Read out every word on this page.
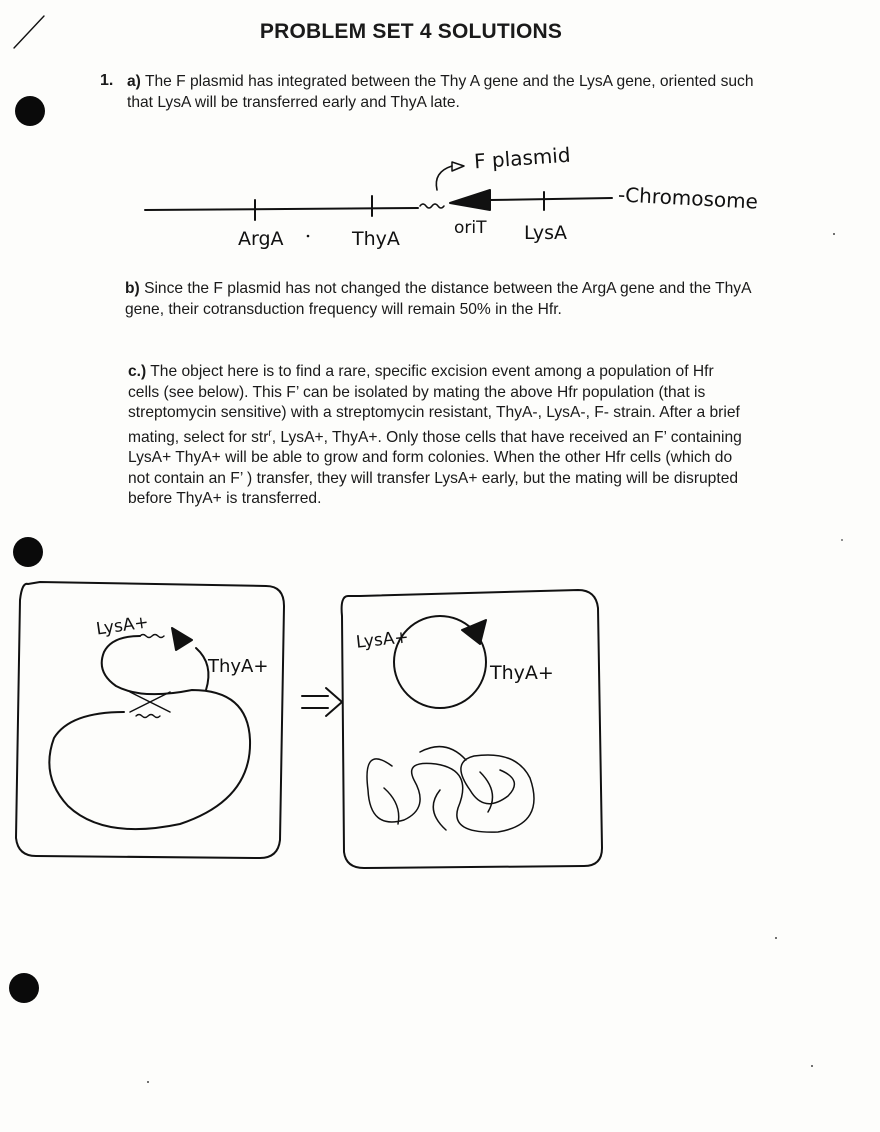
PROBLEM SET 4 SOLUTIONS
1. a) The F plasmid has integrated between the Thy A gene and the LysA gene, oriented such that LysA will be transferred early and ThyA late.
b) Since the F plasmid has not changed the distance between the ArgA gene and the ThyA gene, their cotransduction frequency will remain 50% in the Hfr.
c.) The object here is to find a rare, specific excision event among a population of Hfr cells (see below). This F’ can be isolated by mating the above Hfr population (that is streptomycin sensitive) with a streptomycin resistant, ThyA-, LysA-, F- strain. After a brief mating, select for str$^r$, LysA+, ThyA+. Only those cells that have received an F’ containing LysA+ ThyA+ will be able to grow and form colonies. When the other Hfr cells (which do not contain an F’ ) transfer, they will transfer LysA+ early, but the mating will be disrupted before ThyA+ is transferred.
F plasmid
-Chromosome
ArgA	ThyA	oriT LysA
LysA+
ThyA+
LysA+
ThyA+
